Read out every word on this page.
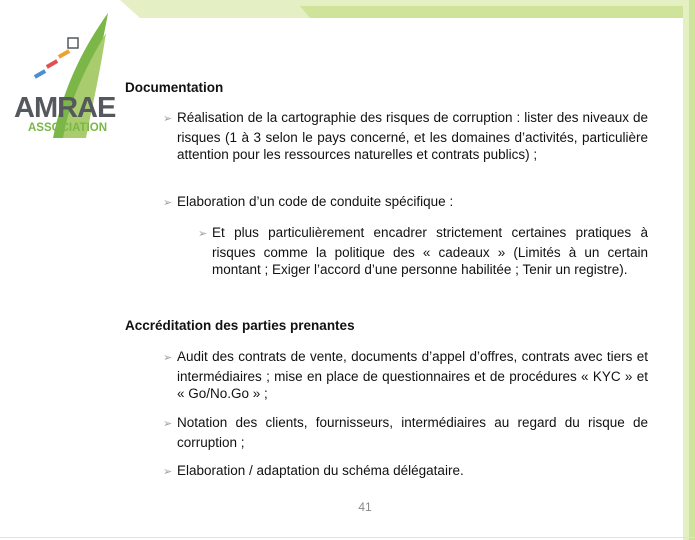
AMRAE
ASSOCIATION
Documentation
➢ Réalisation de la cartographie des risques de corruption : lister des niveaux de risques (1 à 3 selon le pays concerné, et les domaines d’activités, particulière attention pour les ressources naturelles et contrats publics) ;
➢ Elaboration d’un code de conduite spécifique :
➢ Et plus particulièrement encadrer strictement certaines pratiques à risques comme la politique des « cadeaux » (Limités à un certain montant ; Exiger l’accord d’une personne habilitée ; Tenir un registre).
Accréditation des parties prenantes
➢ Audit des contrats de vente, documents d’appel d’offres, contrats avec tiers et intermédiaires ; mise en place de questionnaires et de procédures « KYC » et « Go/No.Go » ;
➢ Notation des clients, fournisseurs, intermédiaires au regard du risque de corruption ;
➢ Elaboration / adaptation du schéma délégataire.
41
